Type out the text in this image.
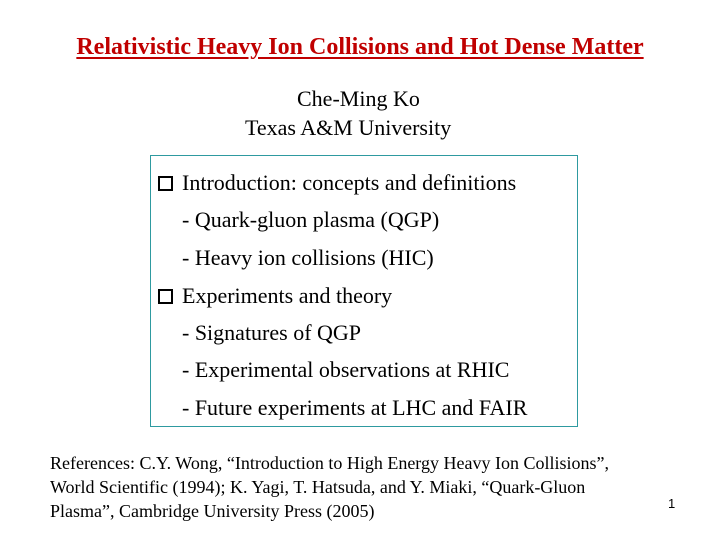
Relativistic Heavy Ion Collisions and Hot Dense Matter
Che-Ming Ko
Texas A&M University
Introduction: concepts and definitions
- Quark-gluon plasma (QGP)
- Heavy ion collisions (HIC)
Experiments and theory
- Signatures of QGP
- Experimental observations at RHIC
- Future experiments at LHC and FAIR
References: C.Y. Wong, “Introduction to High Energy Heavy Ion Collisions”,
World Scientific (1994); K. Yagi, T. Hatsuda, and Y. Miaki, “Quark-Gluon
Plasma”, Cambridge University Press (2005)	1
